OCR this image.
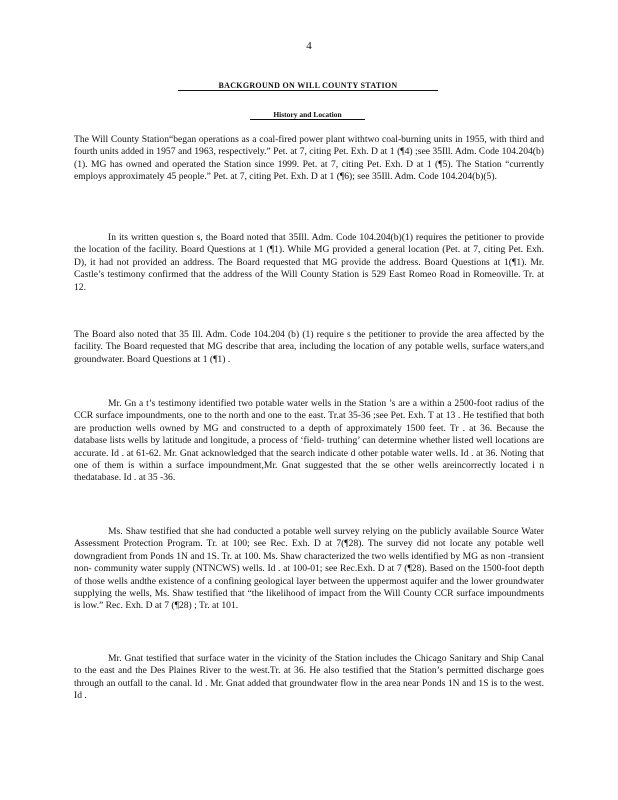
4
BACKGROUND ON WILL COUNTY STATION
History and Location

The Will County Station“began operations as a coal-fired power plant withtwo coal-burning units in 1955, with third and fourth units added in 1957 and 1963, respectively.” Pet. at 7, citing Pet. Exh. D at 1 (¶4) ;see 35Ill. Adm. Code 104.204(b)(1). MG has owned and operated the Station since 1999. Pet. at 7, citing Pet. Exh. D at 1 (¶5). The Station “currently employs approximately 45 people.” Pet. at 7, citing Pet. Exh. D at 1 (¶6); see 35Ill. Adm. Code 104.204(b)(5).

In its written question s, the Board noted that 35Ill. Adm. Code 104.204(b)(1) requires the petitioner to provide the location of the facility. Board Questions at 1 (¶1). While MG provided a general location (Pet. at 7, citing Pet. Exh. D), it had not provided an address. The Board requested that MG provide the address. Board Questions at 1(¶1). Mr. Castle’s testimony confirmed that the address of the Will County Station is 529 East Romeo Road in Romeoville. Tr. at 12.

The Board also noted that 35 Ill. Adm. Code 104.204 (b) (1) require s the petitioner to provide the area affected by the facility. The Board requested that MG describe that area, including the location of any potable wells, surface waters,and groundwater. Board Questions at 1 (¶1) .

Mr. Gn a t’s testimony identified two potable water wells in the Station ’s are a within a 2500-foot radius of the CCR surface impoundments, one to the north and one to the east. Tr.at 35-36 ;see Pet. Exh. T at 13 . He testified that both are production wells owned by MG and constructed to a depth of approximately 1500 feet. Tr . at 36. Because the database lists wells by latitude and longitude, a process of ‘field- truthing’ can determine whether listed well locations are accurate. Id . at 61-62. Mr. Gnat acknowledged that the search indicate d other potable water wells. Id . at 36. Noting that one of them is within a surface impoundment,Mr. Gnat suggested that the se other wells areincorrectly located i n thedatabase. Id . at 35 -36.

Ms. Shaw testified that she had conducted a potable well survey relying on the publicly available Source Water Assessment Protection Program. Tr. at 100; see Rec. Exh. D at 7(¶28). The survey did not locate any potable well downgradient from Ponds 1N and 1S. Tr. at 100. Ms. Shaw characterized the two wells identified by MG as non -transient non- community water supply (NTNCWS) wells. Id . at 100-01; see Rec.Exh. D at 7 (¶28). Based on the 1500-foot depth of those wells andthe existence of a confining geological layer between the uppermost aquifer and the lower groundwater supplying the wells, Ms. Shaw testified that “the likelihood of impact from the Will County CCR surface impoundments is low.” Rec. Exh. D at 7 (¶28) ; Tr. at 101.

Mr. Gnat testified that surface water in the vicinity of the Station includes the Chicago Sanitary and Ship Canal to the east and the Des Plaines River to the west.Tr. at 36. He also testified that the Station’s permitted discharge goes through an outfall to the canal. Id . Mr. Gnat added that groundwater flow in the area near Ponds 1N and 1S is to the west. Id .
